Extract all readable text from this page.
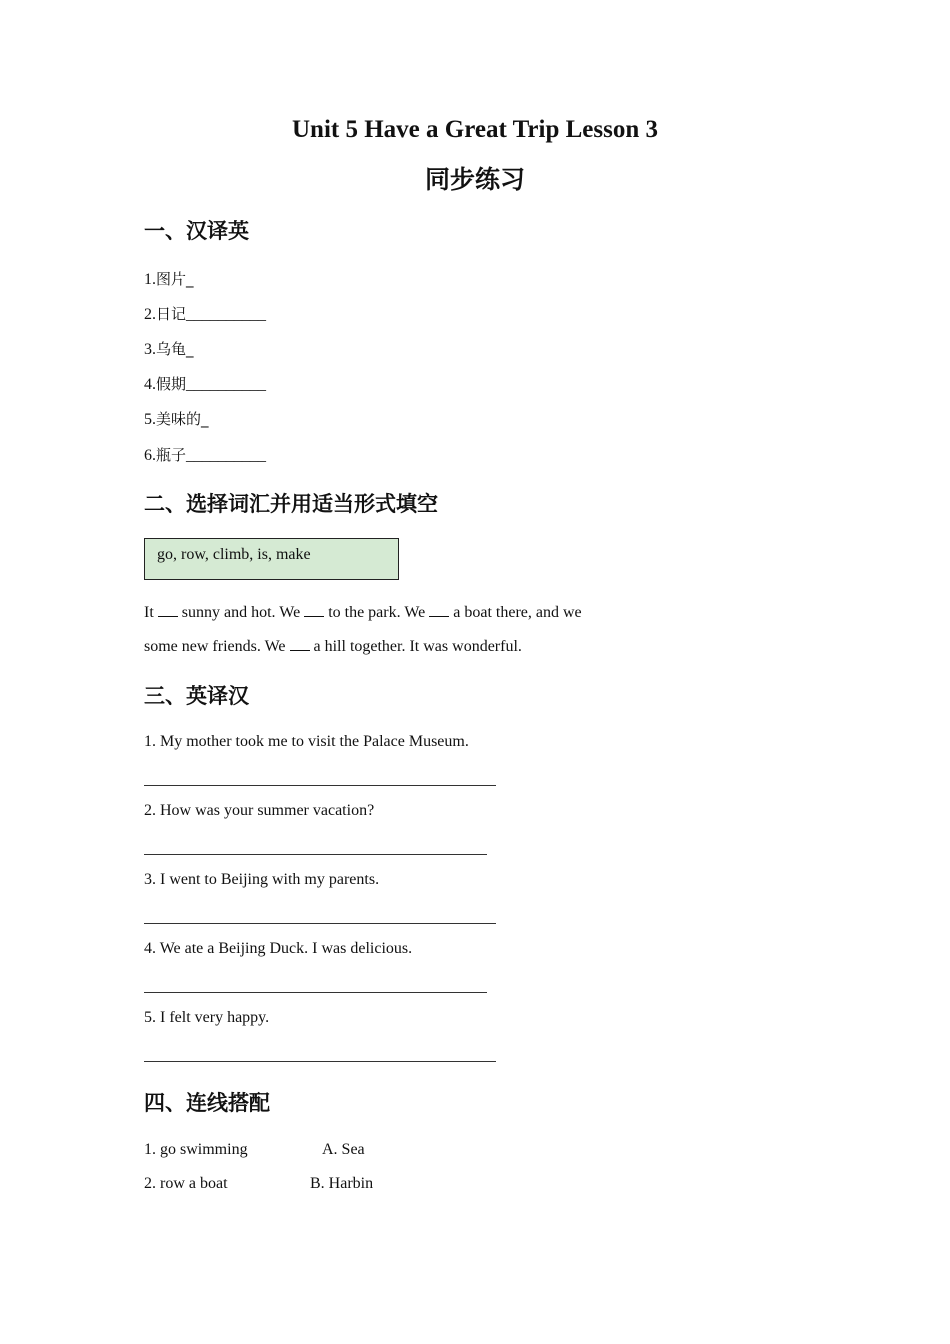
Unit 5 Have a Great Trip Lesson 3
同步练习
一、汉译英
1.图片_
2.日记__________
3.乌龟_
4.假期__________
5.美味的_
6.瓶子__________
二、选择词汇并用适当形式填空
go, row, climb, is, make
It  sunny and hot. We  to the park. We  a boat there, and we
some new friends. We  a hill together. It was wonderful.
三、英译汉
1. My mother took me to visit the Palace Museum.
2. How was your summer vacation?
3. I went to Beijing with my parents.
4. We ate a Beijing Duck. I was delicious.
5. I felt very happy.
四、连线搭配
1. go swimming	A. Sea
2. row a boat	B. Harbin
